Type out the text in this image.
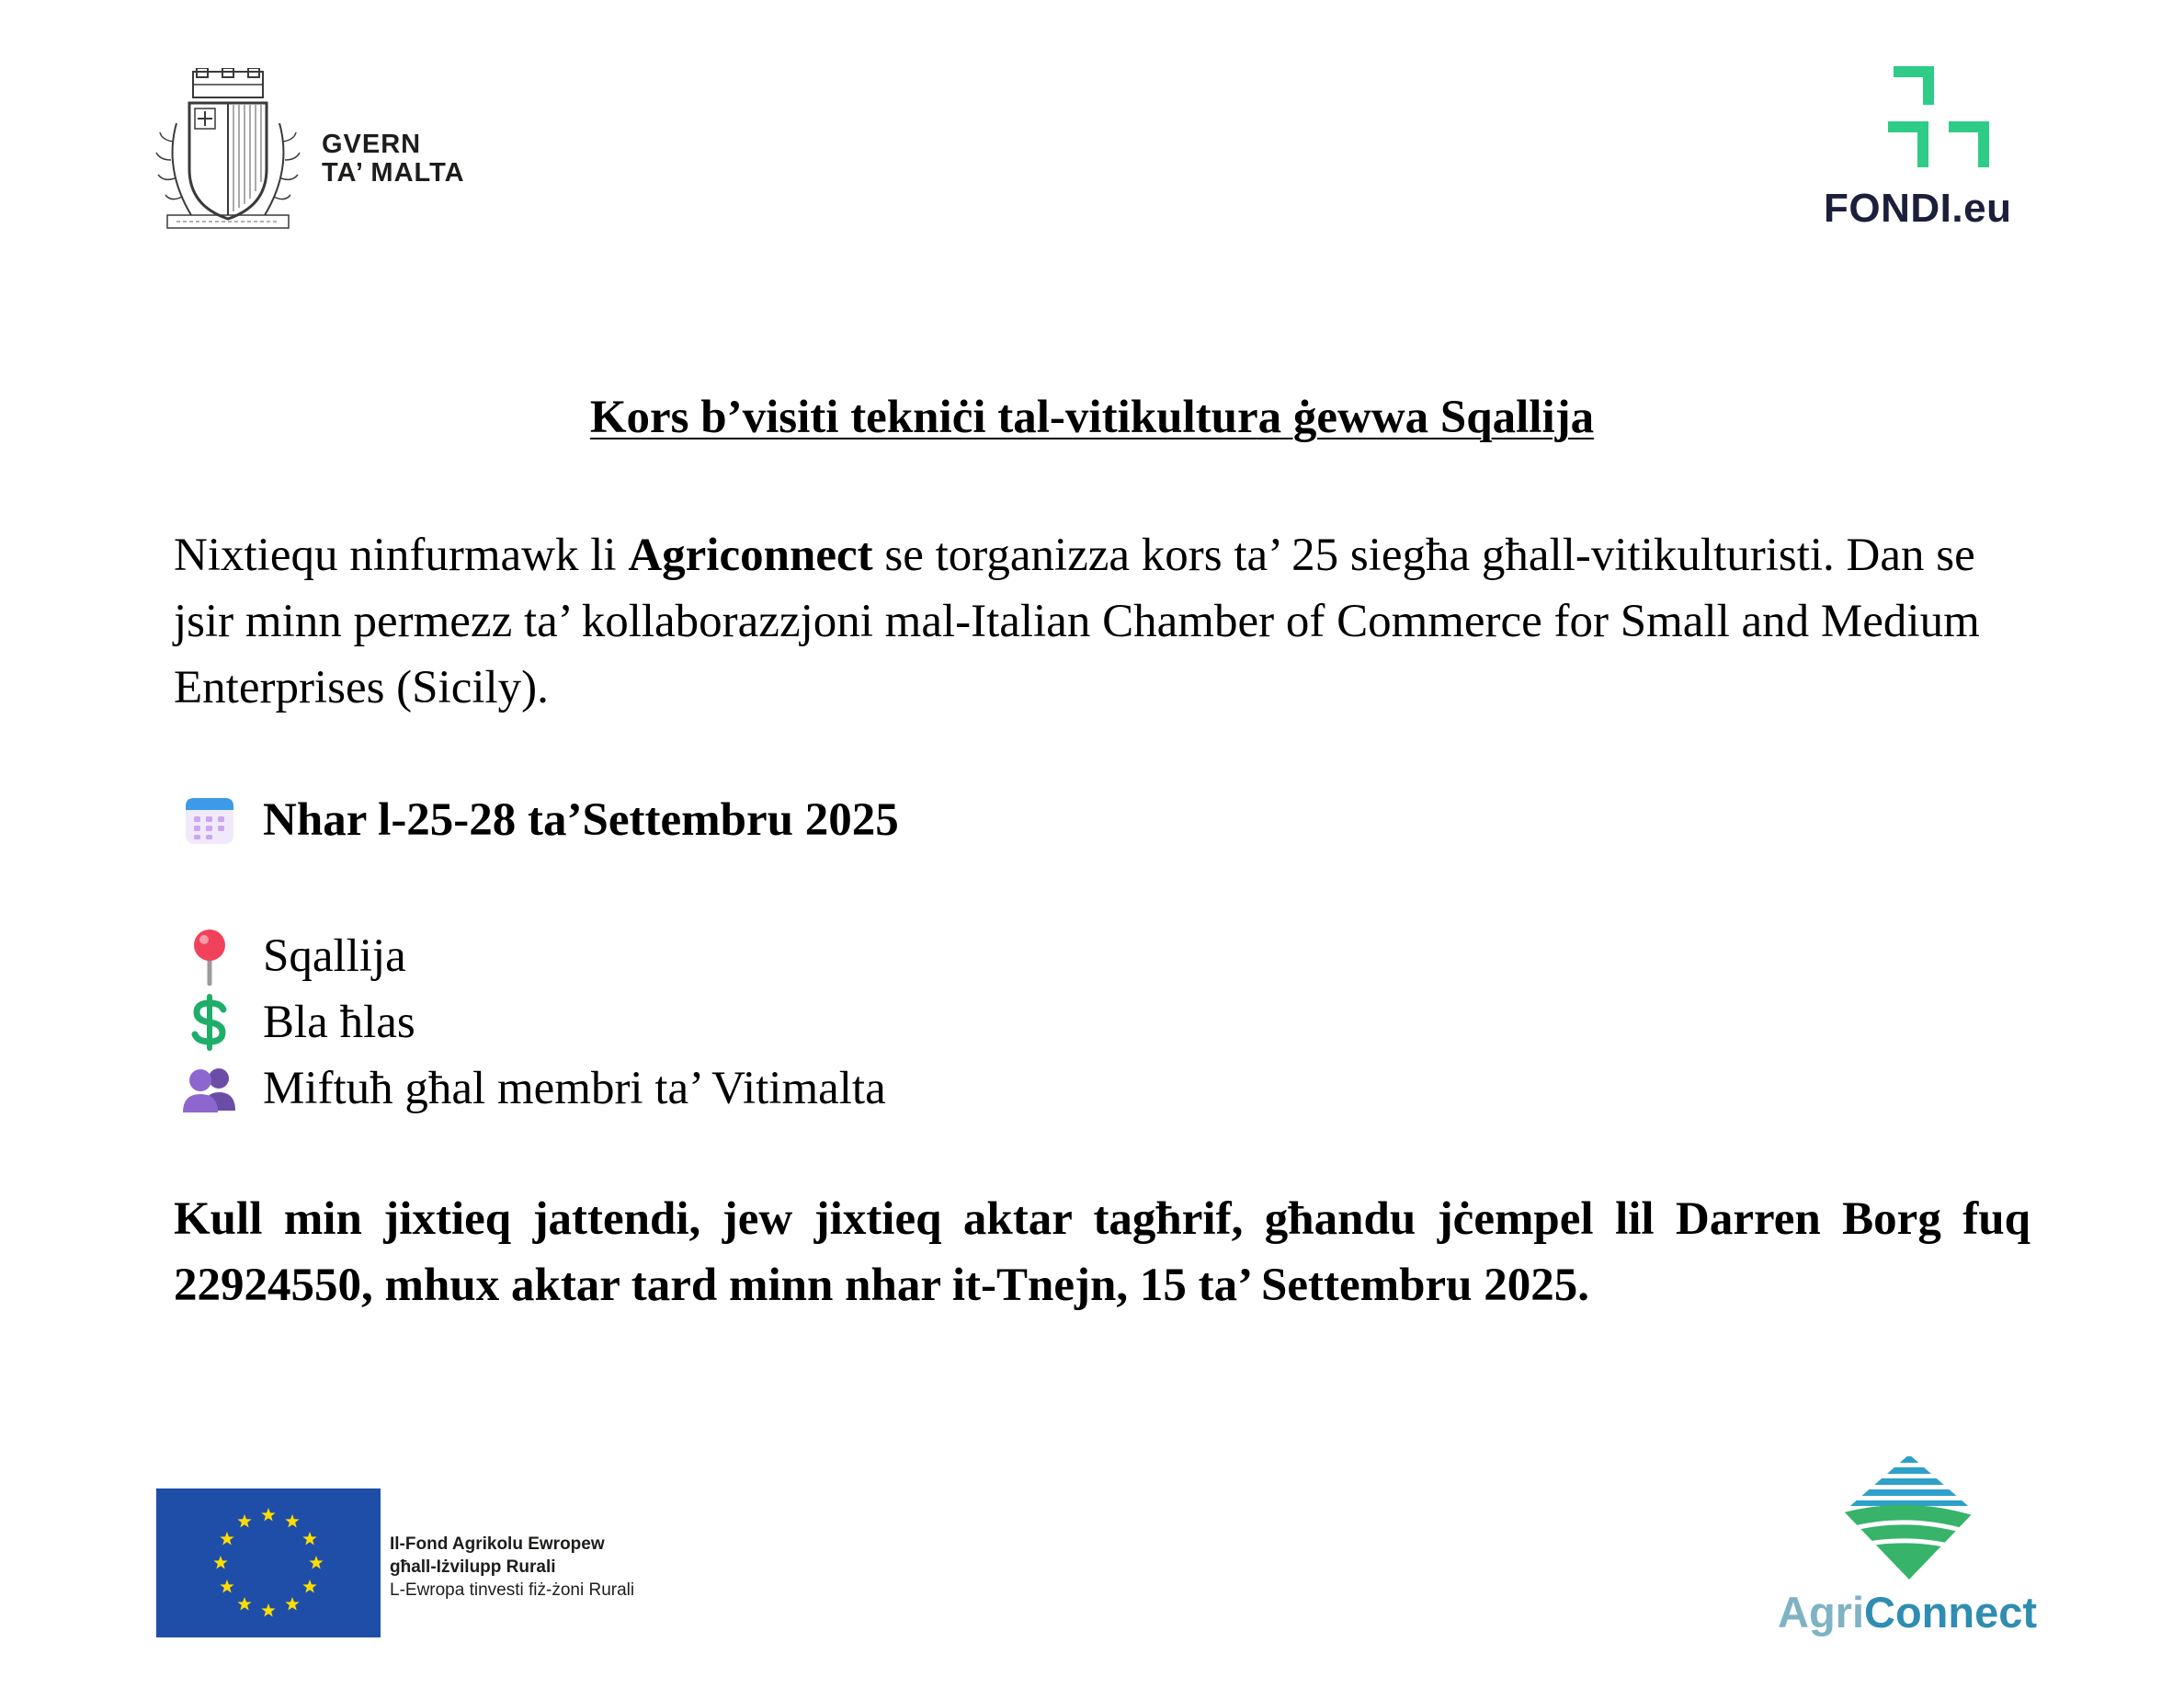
GVERN
TA’ MALTA
FONDI.eu
Kors b’visiti tekniċi tal-vitikultura ġewwa Sqallija

Nixtiequ ninfurmawk li Agriconnect se torganizza kors ta’ 25 siegħa għall-vitikulturisti. Dan se jsir minn permezz ta’ kollaborazzjoni mal-Italian Chamber of Commerce for Small and Medium Enterprises (Sicily).

Nhar l-25-28 ta’Settembru 2025
Sqallija
Bla ħlas
Miftuħ għal membri ta’ Vitimalta

Kull min jixtieq jattendi, jew jixtieq aktar tagħrif, għandu jċempel lil Darren Borg fuq 22924550, mhux aktar tard minn nhar it-Tnejn, 15 ta’ Settembru 2025.

Il-Fond Agrikolu Ewropew
għall-Iżvilupp Rurali
L-Ewropa tinvesti fiż-żoni Rurali	AgriConnect
